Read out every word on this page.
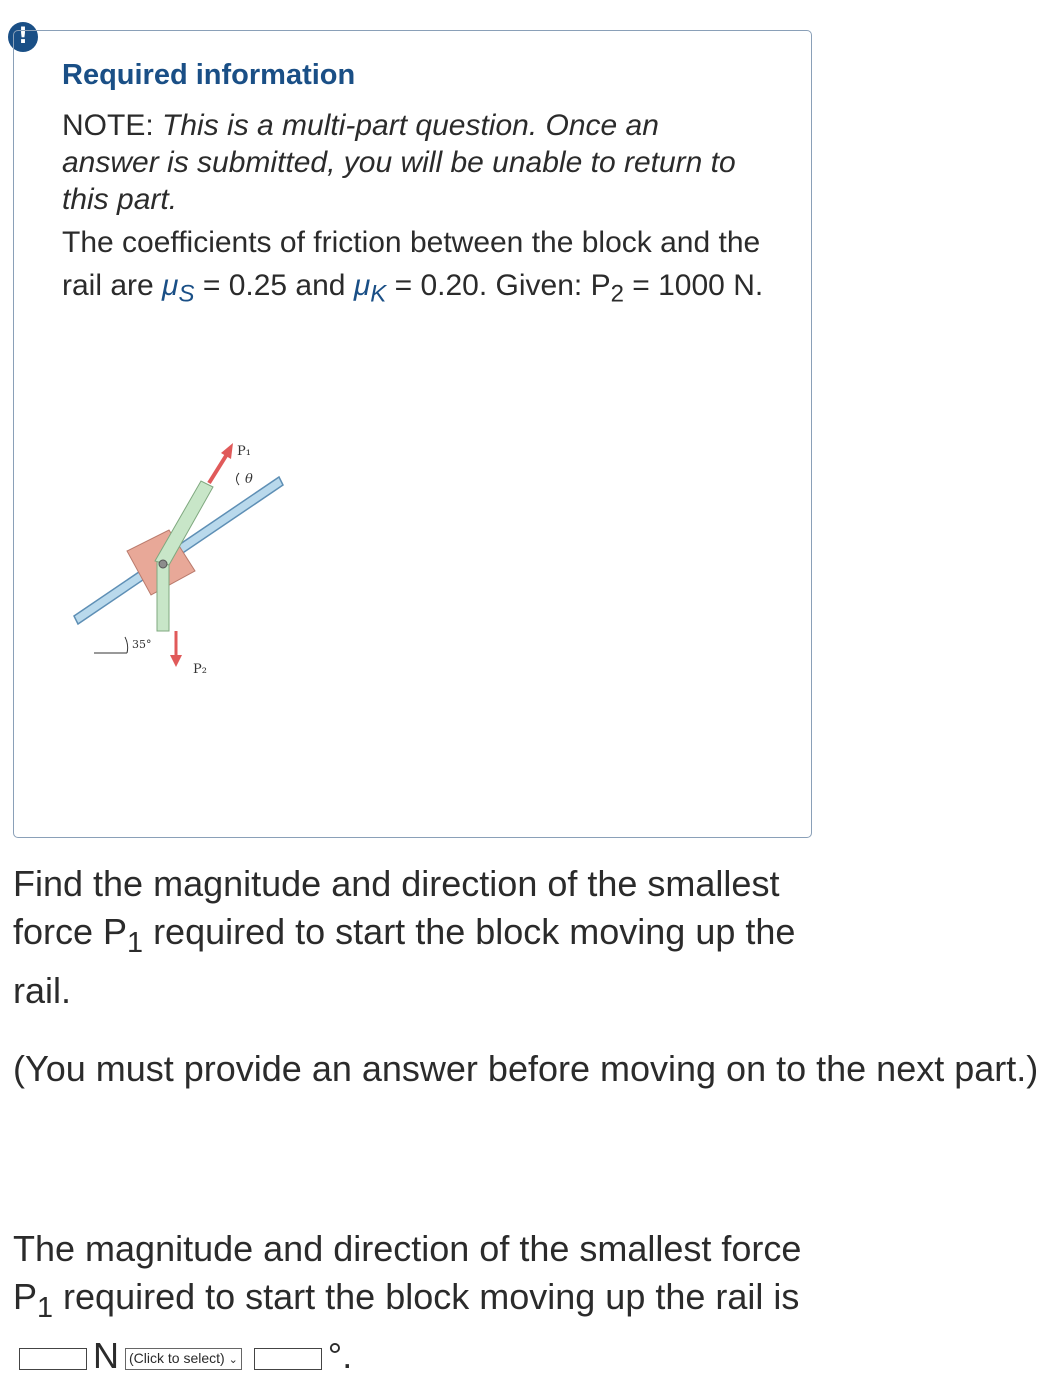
!
Required information

NOTE: This is a multi-part question. Once an answer is submitted, you will be unable to return to this part.

The coefficients of friction between the block and the rail are $\mu_S = 0.25$ and $\mu_K = 0.20$. Given: $P_2 = 1000$ N.

P₁
θ
P₂
35°

Find the magnitude and direction of the smallest force $P_1$ required to start the block moving up the rail.

(You must provide an answer before moving on to the next part.)

The magnitude and direction of the smallest force $P_1$ required to start the block moving up the rail is N (Click to select) ⌄	°.
